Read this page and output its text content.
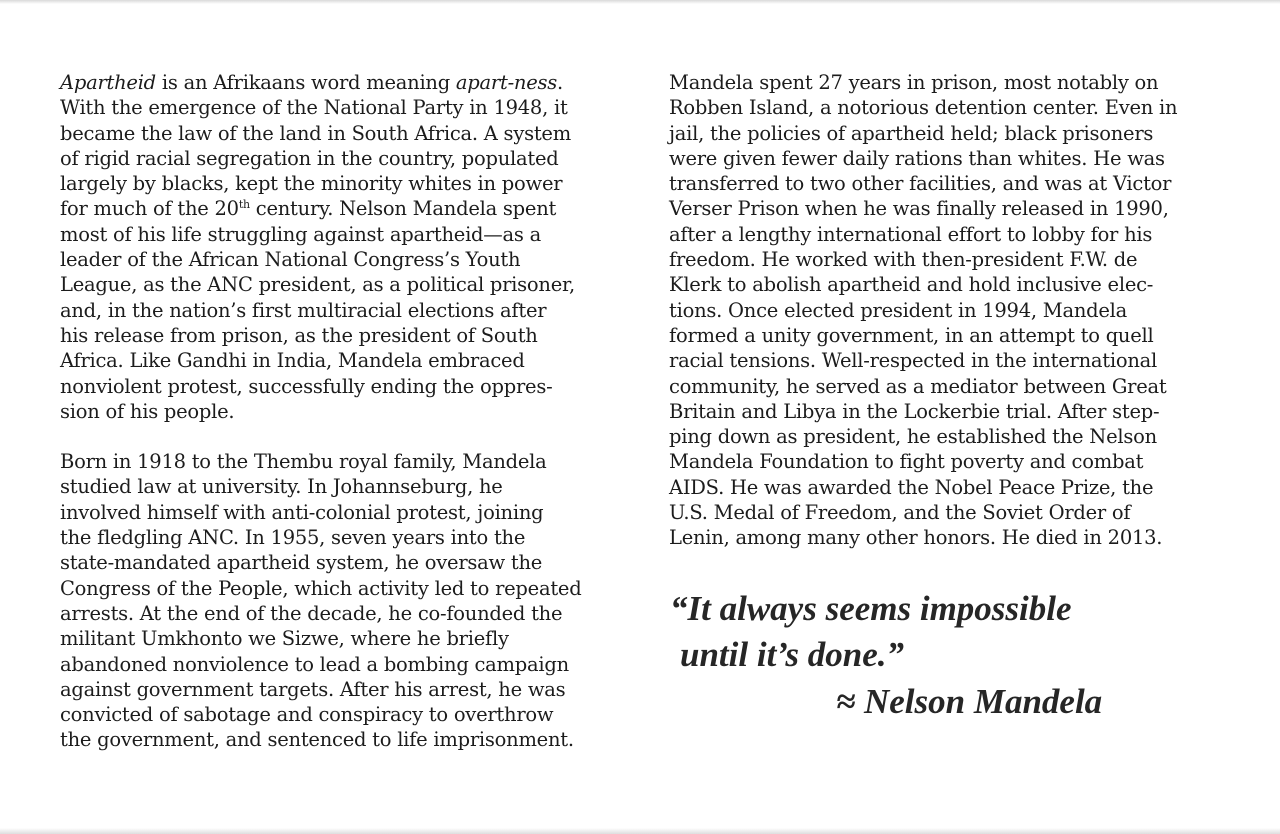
Apartheid is an Afrikaans word meaning apart-ness.
With the emergence of the National Party in 1948, it
became the law of the land in South Africa. A system
of rigid racial segregation in the country, populated
largely by blacks, kept the minority whites in power
for much of the 20th century. Nelson Mandela spent
most of his life struggling against apartheid—as a
leader of the African National Congress’s Youth
League, as the ANC president, as a political prisoner,
and, in the nation’s first multiracial elections after
his release from prison, as the president of South
Africa. Like Gandhi in India, Mandela embraced
nonviolent protest, successfully ending the oppres-
sion of his people.
Born in 1918 to the Thembu royal family, Mandela
studied law at university. In Johannseburg, he
involved himself with anti-colonial protest, joining
the fledgling ANC. In 1955, seven years into the
state-mandated apartheid system, he oversaw the
Congress of the People, which activity led to repeated
arrests. At the end of the decade, he co-founded the
militant Umkhonto we Sizwe, where he briefly
abandoned nonviolence to lead a bombing campaign
against government targets. After his arrest, he was
convicted of sabotage and conspiracy to overthrow
the government, and sentenced to life imprisonment.
Mandela spent 27 years in prison, most notably on
Robben Island, a notorious detention center. Even in
jail, the policies of apartheid held; black prisoners
were given fewer daily rations than whites. He was
transferred to two other facilities, and was at Victor
Verser Prison when he was finally released in 1990,
after a lengthy international effort to lobby for his
freedom. He worked with then-president F.W. de
Klerk to abolish apartheid and hold inclusive elec-
tions. Once elected president in 1994, Mandela
formed a unity government, in an attempt to quell
racial tensions. Well-respected in the international
community, he served as a mediator between Great
Britain and Libya in the Lockerbie trial. After step-
ping down as president, he established the Nelson
Mandela Foundation to fight poverty and combat
AIDS. He was awarded the Nobel Peace Prize, the
U.S. Medal of Freedom, and the Soviet Order of
Lenin, among many other honors. He died in 2013.
“It always seems impossible
until it’s done.”
≈ Nelson Mandela
